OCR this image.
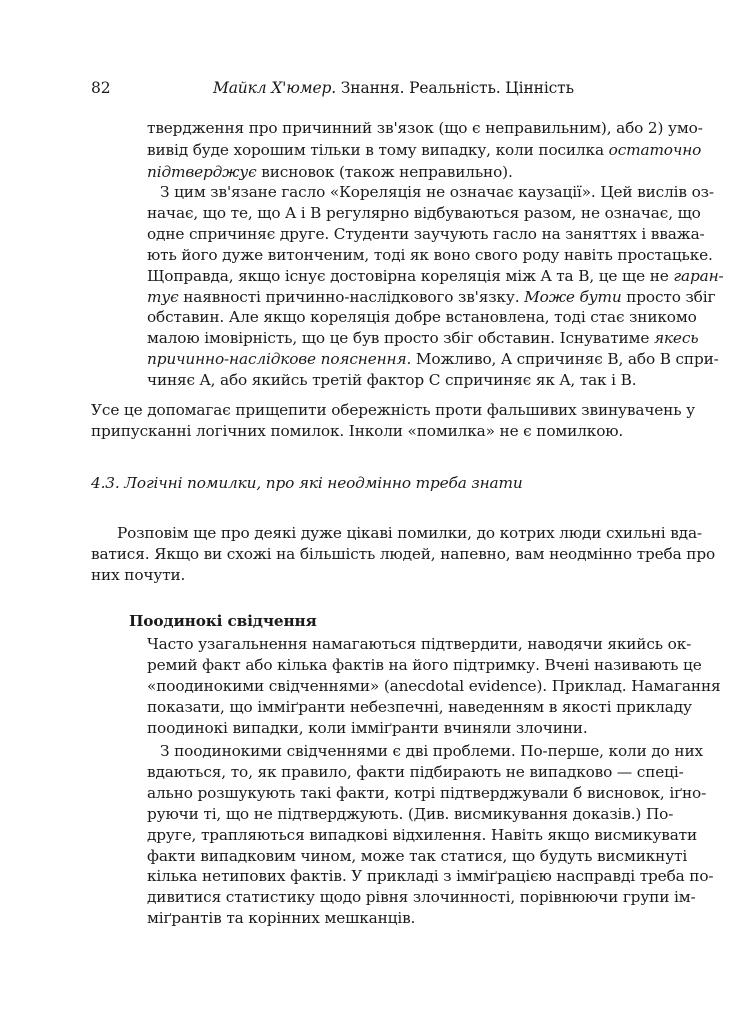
82	Майкл Х'юмер. Знання. Реальність. Цінність
твердження про причинний зв'язок (що є неправильним), або 2) умо-
вивід буде хорошим тільки в тому випадку, коли посилка остаточно
підтверджує висновок (також неправильно).
З цим зв'язане гасло «Кореляція не означає каузації». Цей вислів оз-
начає, що те, що A і B регулярно відбуваються разом, не означає, що
одне спричиняє друге. Студенти заучують гасло на заняттях і вважа-
ють його дуже витонченим, тоді як воно свого роду навіть простацьке.
Щоправда, якщо існує достовірна кореляція між A та B, це ще не гаран-
тує наявності причинно-наслідкового зв'язку. Може бути просто збіг
обставин. Але якщо кореляція добре встановлена, тоді стає зникомо
малою імовірність, що це був просто збіг обставин. Існуватиме якесь
причинно-наслідкове пояснення. Можливо, A спричиняє B, або B спри-
чиняє A, або якийсь третій фактор C спричиняє як A, так і B.
Усе це допомагає прищепити обережність проти фальшивих звинувачень у
припусканні логічних помилок. Інколи «помилка» не є помилкою.
Розповім ще про деякі дуже цікаві помилки, до котрих люди схильні вда-
ватися. Якщо ви схожі на більшість людей, напевно, вам неодмінно треба про
них почути.
Часто узагальнення намагаються підтвердити, наводячи якийсь ок-
ремий факт або кілька фактів на його підтримку. Вчені називають це
«поодинокими свідченнями» (anecdotal evidence). Приклад. Намагання
показати, що імміґранти небезпечні, наведенням в якості прикладу
поодинокі випадки, коли імміґранти вчиняли злочини.
З поодинокими свідченнями є дві проблеми. По-перше, коли до них
вдаються, то, як правило, факти підбирають не випадково — спеці-
ально розшукують такі факти, котрі підтверджували б висновок, іґно-
руючи ті, що не підтверджують. (Див. висмикування доказів.) По-
друге, трапляються випадкові відхилення. Навіть якщо висмикувати
факти випадковим чином, може так статися, що будуть висмикнуті
кілька нетипових фактів. У прикладі з імміґрацією насправді треба по-
дивитися статистику щодо рівня злочинності, порівнюючи групи ім-
міґрантів та корінних мешканців.
4.3. Логічні помилки, про які неодмінно треба знати
Поодинокі свідчення
